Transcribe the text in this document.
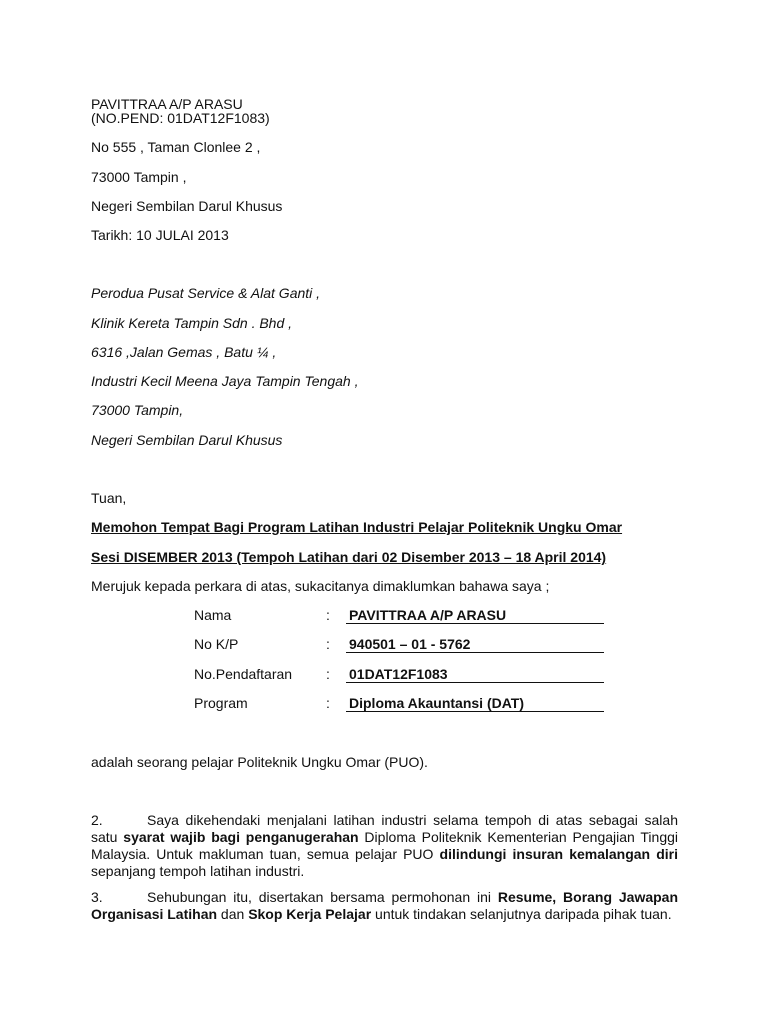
PAVITTRAA A/P ARASU
(NO.PEND: 01DAT12F1083)
No 555 , Taman Clonlee 2 ,
73000 Tampin ,
Negeri Sembilan Darul Khusus
Tarikh: 10 JULAI 2013
Perodua Pusat Service & Alat Ganti ,
Klinik Kereta Tampin Sdn . Bhd ,
6316 ,Jalan Gemas , Batu ¼ ,
Industri Kecil Meena Jaya Tampin Tengah ,
73000 Tampin,
Negeri Sembilan Darul Khusus
Tuan,
Memohon Tempat Bagi Program Latihan Industri Pelajar Politeknik Ungku Omar
Sesi DISEMBER 2013 (Tempoh Latihan dari 02 Disember 2013 – 18 April 2014)
Merujuk kepada perkara di atas, sukacitanya dimaklumkan bahawa saya ;
Nama	: PAVITTRAA A/P ARASU
No K/P	: 940501 – 01 - 5762
No.Pendaftaran : 01DAT12F1083
Program	: Diploma Akauntansi (DAT)
adalah seorang pelajar Politeknik Ungku Omar (PUO).
2.	Saya dikehendaki menjalani latihan industri selama tempoh di atas sebagai salah satu syarat wajib bagi penganugerahan Diploma Politeknik Kementerian Pengajian Tinggi Malaysia. Untuk makluman tuan, semua pelajar PUO dilindungi insuran kemalangan diri sepanjang tempoh latihan industri.
3.	Sehubungan itu, disertakan bersama permohonan ini Resume, Borang Jawapan Organisasi Latihan dan Skop Kerja Pelajar untuk tindakan selanjutnya daripada pihak tuan.
